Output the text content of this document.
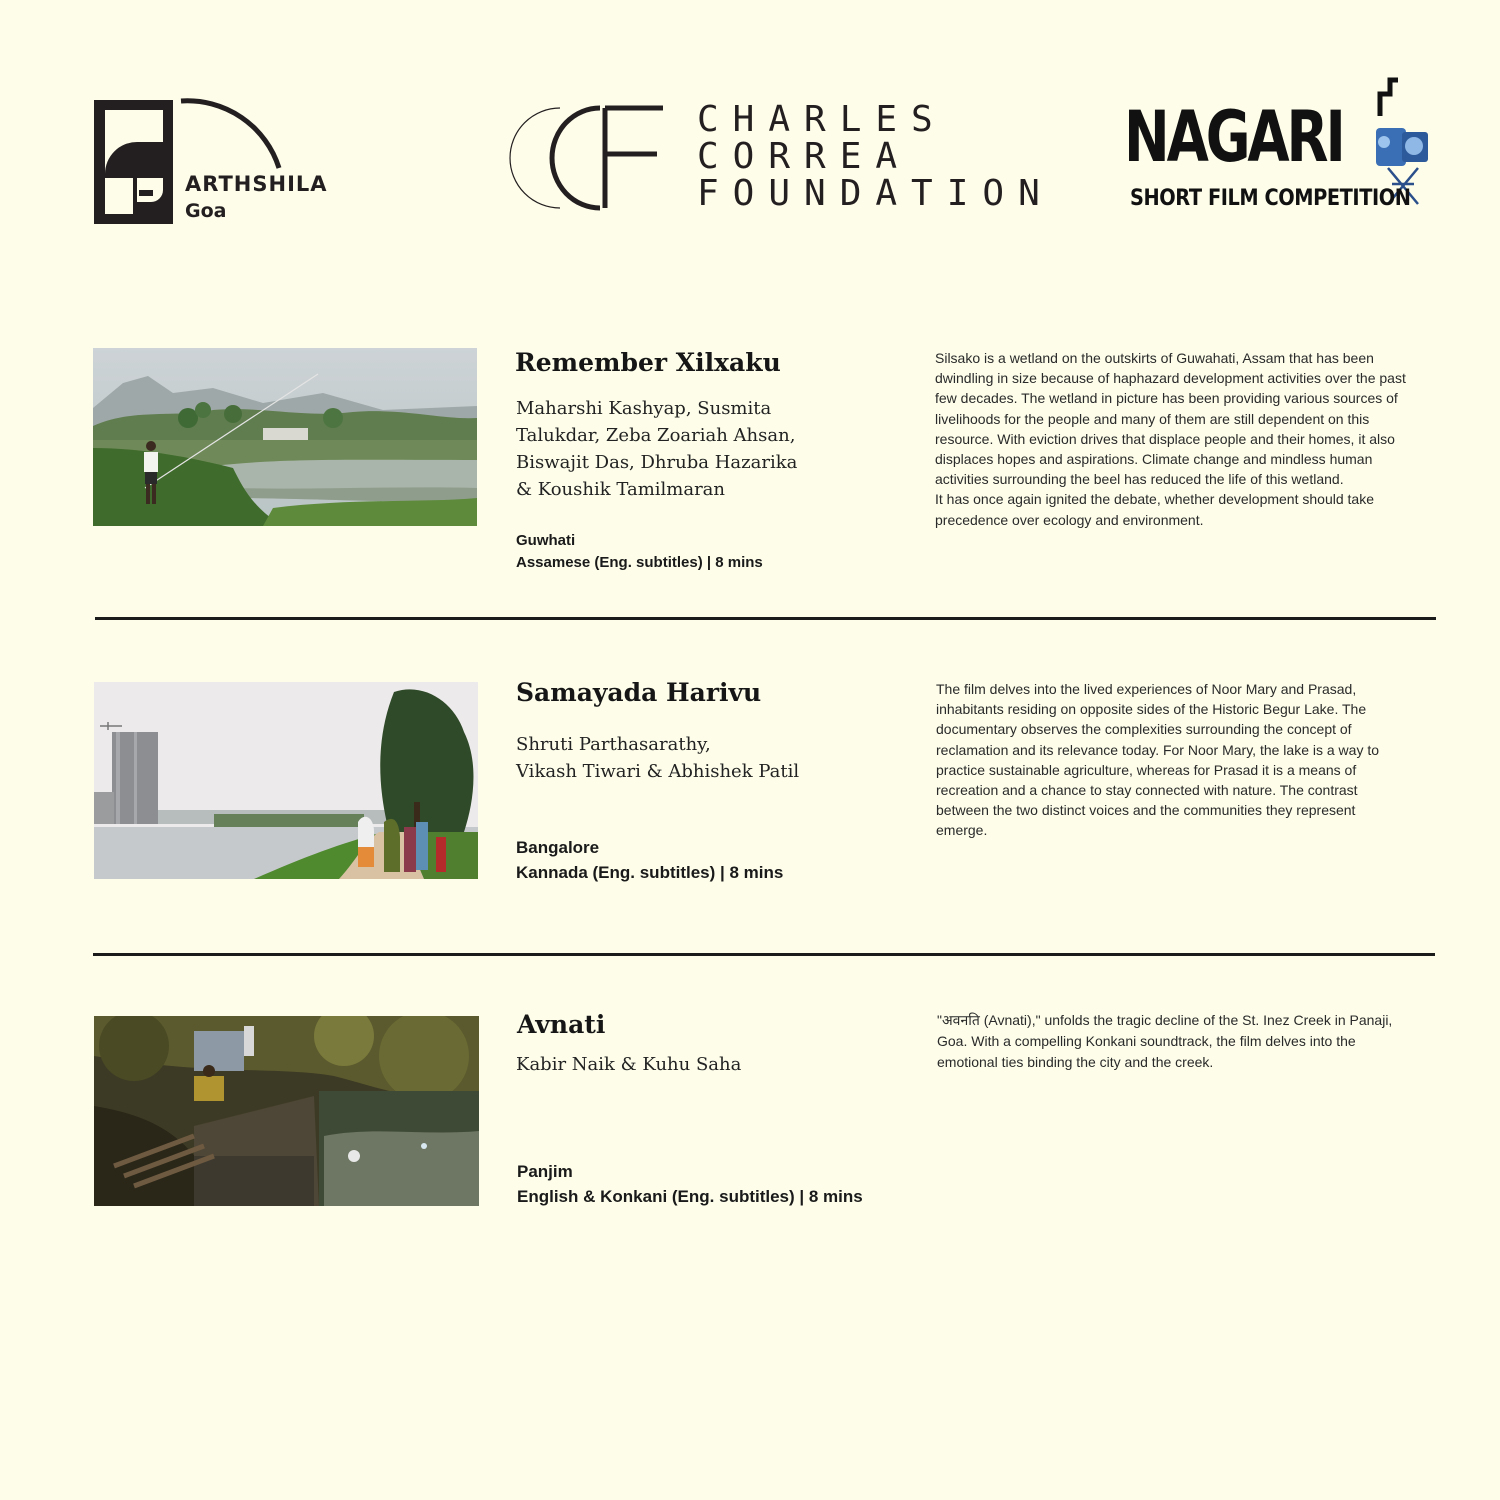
ARTHSHILA
Goa
CHARLES
CORREA
FOUNDATION
NAGARI
SHORT FILM COMPETITION
Remember Xilxaku
Maharshi Kashyap, Susmita
Talukdar, Zeba Zoariah Ahsan,
Biswajit Das, Dhruba Hazarika
& Koushik Tamilmaran
Guwhati
Assamese (Eng. subtitles) | 8 mins
Silsako is a wetland on the outskirts of Guwahati, Assam that has been
dwindling in size because of haphazard development activities over the past
few decades. The wetland in picture has been providing various sources of
livelihoods for the people and many of them are still dependent on this
resource. With eviction drives that displace people and their homes, it also
displaces hopes and aspirations. Climate change and mindless human
activities surrounding the beel has reduced the life of this wetland.
It has once again ignited the debate, whether development should take
precedence over ecology and environment.
Samayada Harivu
Shruti Parthasarathy,
Vikash Tiwari & Abhishek Patil
Bangalore
Kannada (Eng. subtitles) | 8 mins
The film delves into the lived experiences of Noor Mary and Prasad,
inhabitants residing on opposite sides of the Historic Begur Lake. The
documentary observes the complexities surrounding the concept of
reclamation and its relevance today. For Noor Mary, the lake is a way to
practice sustainable agriculture, whereas for Prasad it is a means of
recreation and a chance to stay connected with nature. The contrast
between the two distinct voices and the communities they represent
emerge.
Avnati
Kabir Naik & Kuhu Saha
Panjim
English & Konkani (Eng. subtitles) | 8 mins
"अवनति (Avnati)," unfolds the tragic decline of the St. Inez Creek in Panaji,
Goa. With a compelling Konkani soundtrack, the film delves into the
emotional ties binding the city and the creek.
